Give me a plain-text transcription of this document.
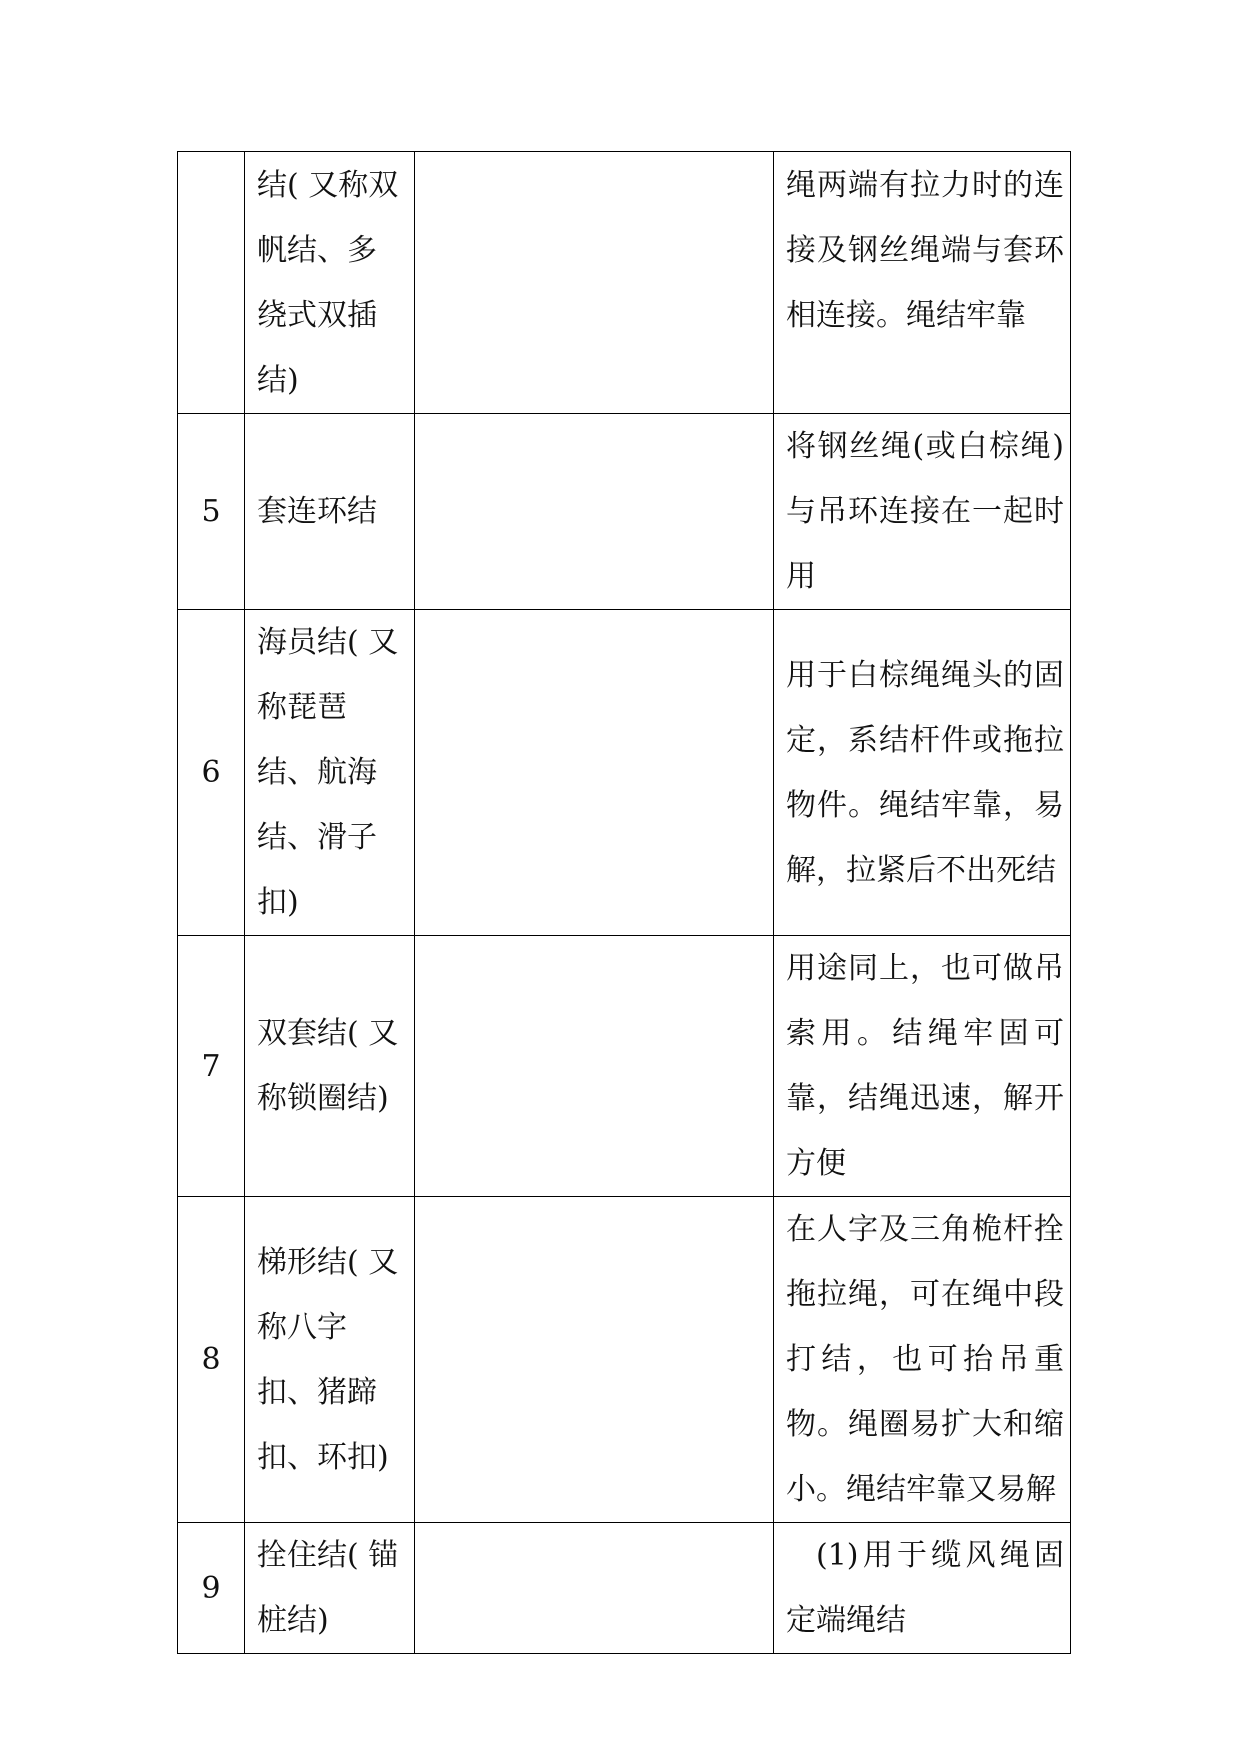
	结( 又称双帆结、多绕式双插结)		绳两端有拉力时的连接及钢丝绳端与套环相连接。绳结牢靠

5	套连环结		将钢丝绳(或白棕绳)与吊环连接在一起时用

6	海员结( 又称琵琶结、航海结、滑子扣)		用于白棕绳绳头的固定，系结杆件或拖拉物件。绳结牢靠，易解，拉紧后不出死结

7	双套结( 又称锁圈结)		用途同上，也可做吊索用。结绳牢固可靠，结绳迅速，解开方便

8	梯形结( 又称八字扣、猪蹄扣、环扣)		在人字及三角桅杆拴拖拉绳，可在绳中段打结，也可抬吊重物。绳圈易扩大和缩小。绳结牢靠又易解

9	拴住结( 锚桩结)		(1)用于缆风绳固定端绳结
